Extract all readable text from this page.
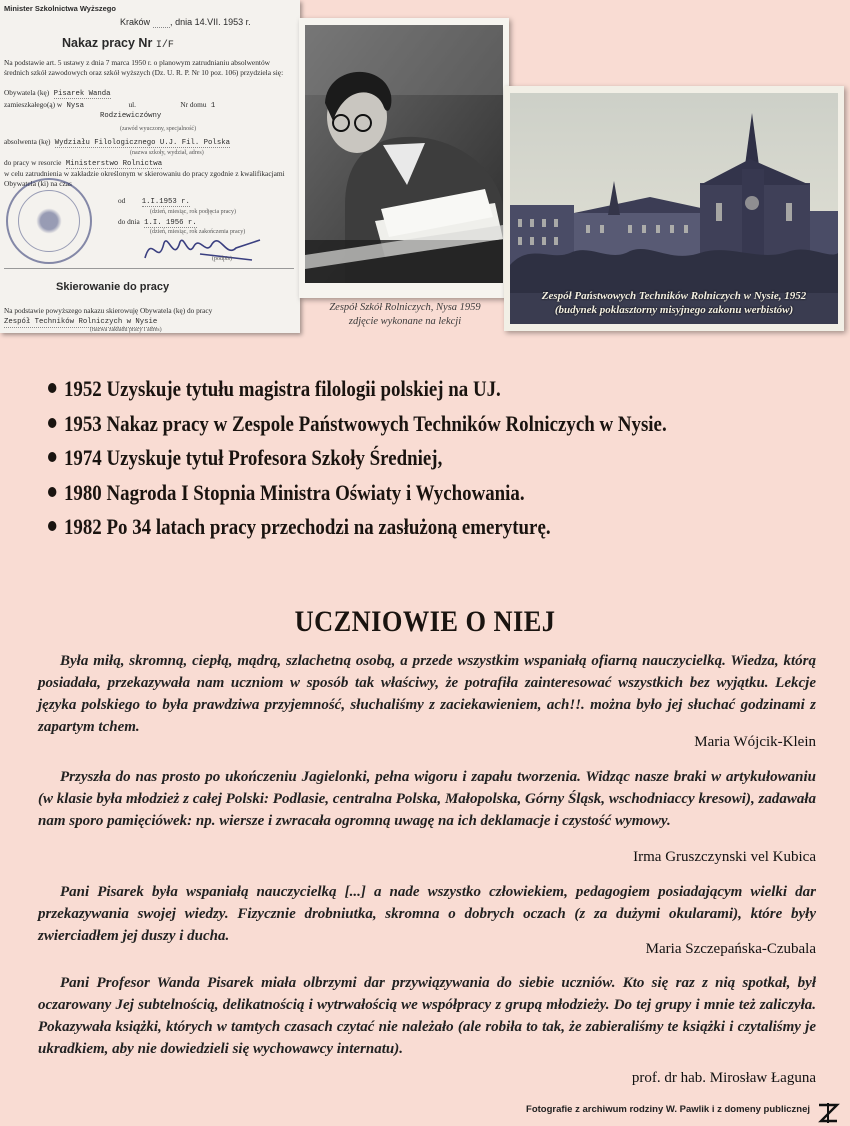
Minister Szkolnictwa Wyższego
Kraków , dnia 14.VII. 1953 r.
Nakaz pracy Nr I/F
Na podstawie art. 5 ustawy z dnia 7 marca 1950 r. o planowym zatrudnianiu absolwentów średnich szkół zawodowych oraz szkół wyższych (Dz. U. R. P. Nr 10 poz. 106) przydziela się:
Obywatela (kę) Pisarek Wanda
zamieszkałego(ą) w Nysa	ul.	Nr domu 1
Rodziewiczówny
(zawód wyuczony, specjalność)
absolwenta (kę) Wydziału Filologicznego U.J. Fil. Polska
(nazwa szkoły, wydział, adres)
do pracy w resorcie Ministerstwo Rolnictwa
w celu zatrudnienia w zakładzie określonym w skierowaniu do pracy zgodnie z kwalifikacjami Obywatela (ki) na czas
od 1.I.1953 r.
(dzień, miesiąc, rok podjęcia pracy)
do dnia 1.I. 1956 r.
(dzień, miesiąc, rok zakończenia pracy)
(podpis)
Skierowanie do pracy
Na podstawie powyższego nakazu skierowuję Obywatela (kę) do pracy
Zespół Techników Rolniczych w Nysie
(nazwa zakładu pracy i adres)
Zespół Szkół Rolniczych, Nysa 1959
zdjęcie wykonane na lekcji
Zespół Państwowych Techników Rolniczych w Nysie, 1952
(budynek poklasztorny misyjnego zakonu werbistów)
1952 Uzyskuje tytułu magistra filologii polskiej na UJ.
1953 Nakaz pracy w Zespole Państwowych Techników Rolniczych w Nysie.
1974 Uzyskuje tytuł Profesora Szkoły Średniej,
1980 Nagroda I Stopnia Ministra Oświaty i Wychowania.
1982 Po 34 latach pracy przechodzi na zasłużoną emeryturę.
UCZNIOWIE O NIEJ
Była miłą, skromną, ciepłą, mądrą, szlachetną osobą, a przede wszystkim wspaniałą ofiarną nauczycielką. Wiedza, którą posiadała, przekazywała nam uczniom w sposób tak właściwy, że potrafiła zainteresować wszystkich bez wyjątku. Lekcje języka polskiego to była prawdziwa przyjemność, słuchaliśmy z zaciekawieniem, ach!!. można było jej słuchać godzinami z zapartym tchem.
Maria Wójcik-Klein
Przyszła do nas prosto po ukończeniu Jagielonki, pełna wigoru i zapału tworzenia. Widząc nasze braki w artykułowaniu (w klasie była młodzież z całej Polski: Podlasie, centralna Polska, Małopolska, Górny Śląsk, wschodniaccy kresowi), zadawała nam sporo pamięciówek: np. wiersze i zwracała ogromną uwagę na ich deklamacje i czystość wymowy.
Irma Gruszczynski vel Kubica
Pani Pisarek była wspaniałą nauczycielką [...] a nade wszystko człowiekiem, pedagogiem posiadającym wielki dar przekazywania swojej wiedzy. Fizycznie drobniutka, skromna o dobrych oczach (z za dużymi okularami), które były zwierciadłem jej duszy i ducha.
Maria Szczepańska-Czubala
Pani Profesor Wanda Pisarek miała olbrzymi dar przywiązywania do siebie uczniów. Kto się raz z nią spotkał, był oczarowany Jej subtelnością, delikatnością i wytrwałością we współpracy z grupą młodzieży. Do tej grupy i mnie też zaliczyła. Pokazywała książki, których w tamtych czasach czytać nie należało (ale robiła to tak, że zabieraliśmy te książki i czytaliśmy je ukradkiem, aby nie dowiedzieli się wychowawcy internatu).
prof. dr hab. Mirosław Łaguna
Fotografie z archiwum rodziny W. Pawlik i z domeny publicznej
